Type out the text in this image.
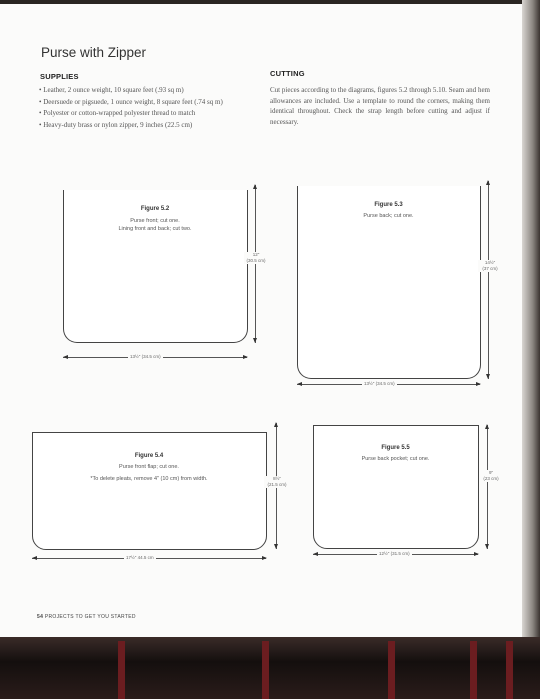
Purse with Zipper
SUPPLIES
• Leather, 2 ounce weight, 10 square feet (.93 sq m)
• Deersuede or pigsuede, 1 ounce weight, 8 square feet (.74 sq m)
• Polyester or cotton-wrapped polyester thread to match
• Heavy-duty brass or nylon zipper, 9 inches (22.5 cm)
CUTTING

Cut pieces according to the diagrams, figures 5.2 through 5.10. Seam and hem allowances are included. Use a template to round the corners, making them identical throughout. Check the strap length before cutting and adjust if necessary.

Figure 5.2
Purse front; cut one.
Lining front and back; cut two.
13½" (34.5 cm)
12"
(30.5 cm)
Figure 5.3
Purse back; cut one.
13½" (34.5 cm)
14½"
(37 cm)
Figure 5.4
Purse front flap; cut one.
*To delete pleats, remove 4" (10 cm) from width.
17½" 44.5 cm
8½"
(21.5 cm)
Figure 5.5
Purse back pocket; cut one.
12½" (31.5 cm)
9"
(23 cm)
54 PROJECTS TO GET YOU STARTED
